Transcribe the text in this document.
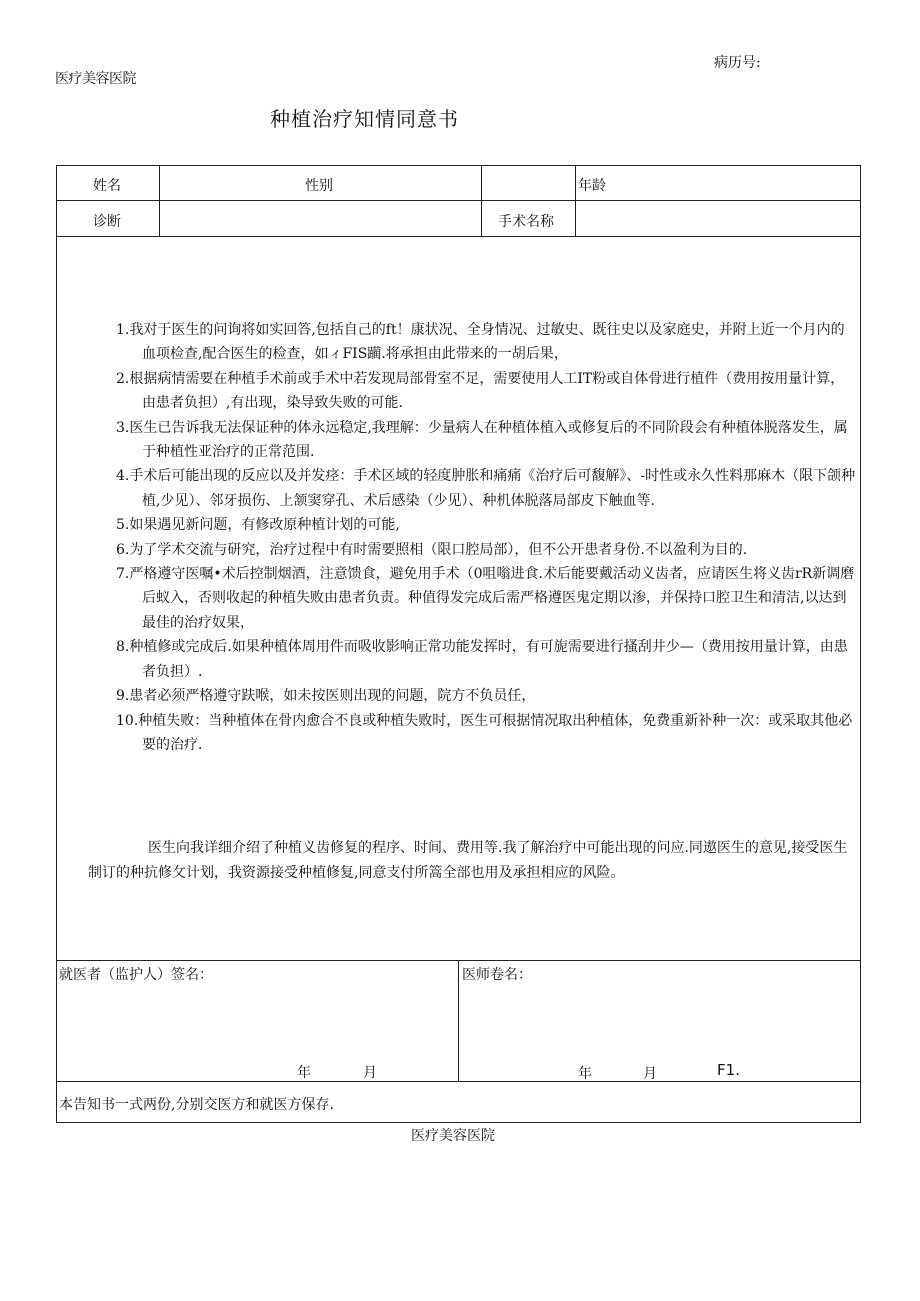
病历号:
医疗美容医院
种植治疗知情同意书
姓名	性别	年龄
诊断	手术名称
就医者（监护人）签名：
年	月
医师卷名：
年	月	F1.
本告知书一式两份,分别交医方和就医方保存.

1.我对于医生的问询将如实回答,包括自己的ft！康状况、全身情况、过敏史、既往史以及家庭史，并附上近一个月内的血项检查,配合医生的检查，如ィFIS躏.将承担由此带来的一胡后果，

2.根据病情需要在种植手术前或手术中若发现局部骨室不足，需要使用人工IT粉或自体骨进行植件（费用按用量计算，由患者负担）,有出现，染导致失败的可能.

3.医生已告诉我无法保证种的体永远稳定,我理解：少量病人在种植体植入或修复后的不同阶段会有种植体脱落发生，属于种植性亚治疗的正常范围.

4.手术后可能出现的反应以及并发痉：手术区域的轻度肿胀和痛痛《治疗后可馥解》、-时性或永久性料那麻木（限下颌种植,少见）、邻牙损伤、上颔窦穿孔、术后感染（少见）、种机体脱落局部皮下触血等.

5.如果遇见新问题，有修改原种植计划的可能,

6.为了学术交流与研究，治疗过程中有时需要照相（限口腔局部），但不公开患者身份.不以盈利为目的.

7.严格遵守医嘱•术后控制烟酒，注意馈食，避免用手术（0咀嗡进食.术后能要戴活动义齿者，应请医生将义齿rR新调磨后蚁入，否则收起的种植失败由患者负责。种值得发完成后需严格遵医鬼定期以渗，并保持口腔卫生和清洁,以达到最佳的治疗奴果，

8.种植修或完成后.如果种植体周用件而吸收影响正常功能发挥时，有可旎需要进行搔刮井少—（费用按用量计算，由患者负担）.

9.患者必须严格遵守趺喉，如未按医则出现的问题，院方不负员任，

10.种植失败：当种植体在骨内愈合不良或种植失败时，医生可根据情况取出种植体，免费重新补种一次：或采取其他必要的治疗.

医生向我详细介绍了种植义齿修复的程序、时间、费用等.我了解治疗中可能出现的问应.同遨医生的意见,接受医生制订的种抗修攵计划，我资源接受种植修复,同意支付所篙全部也用及承担相应的风险。
医疗美容医院
